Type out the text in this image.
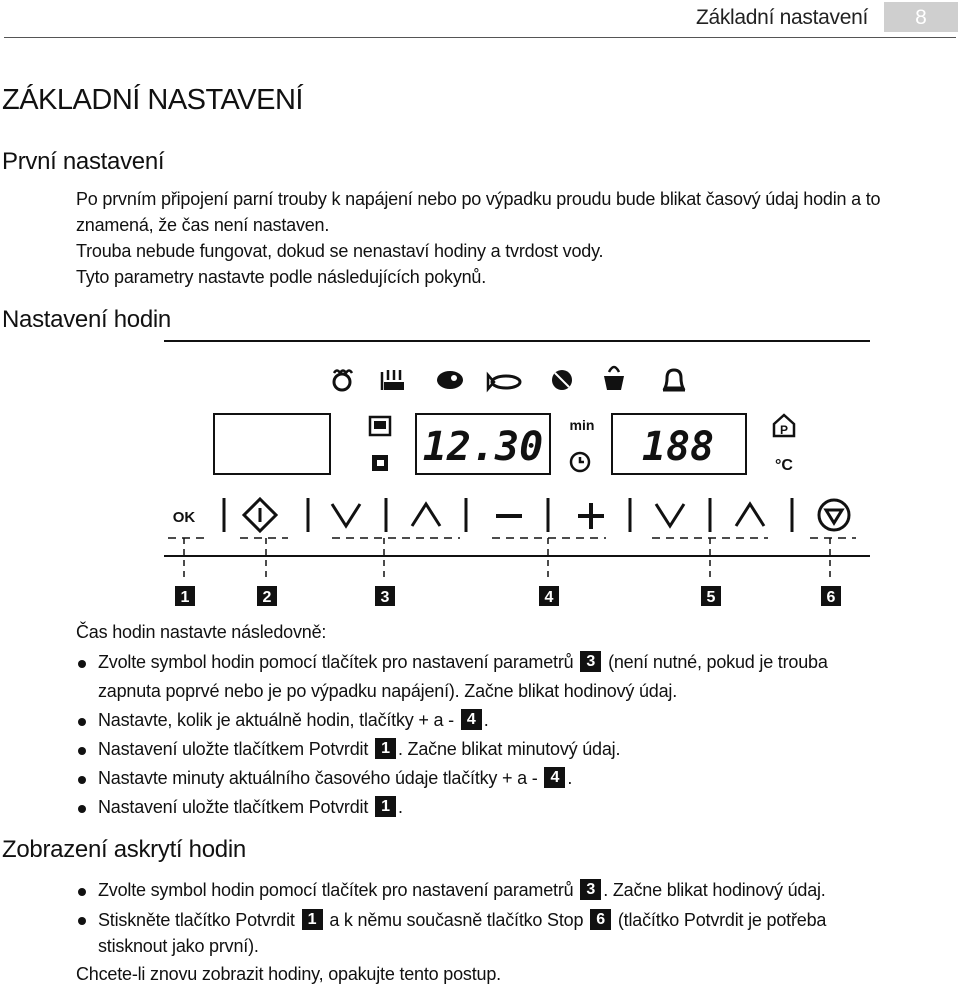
Základní nastavení	8
ZÁKLADNÍ NASTAVENÍ
První nastavení

Po prvním připojení parní trouby k napájení nebo po výpadku proudu bude blikat časový údaj hodin a to

znamená, že čas není nastaven.

Trouba nebude fungovat, dokud se nenastaví hodiny a tvrdost vody.

Tyto parametry nastavte podle následujících pokynů.

Nastavení hodin
12.30 min 188	P
°C
OK
1	2	3	4	5	6
Čas hodin nastavte následovně:
Zvolte symbol hodin pomocí tlačítek pro nastavení parametrů 3 (není nutné, pokud je trouba
zapnuta poprvé nebo je po výpadku napájení). Začne blikat hodinový údaj.
Nastavte, kolik je aktuálně hodin, tlačítky + a - 4 .
Nastavení uložte tlačítkem Potvrdit 1 . Začne blikat minutový údaj.
Nastavte minuty aktuálního časového údaje tlačítky + a - 4 .
Nastavení uložte tlačítkem Potvrdit 1 .
Zobrazení askrytí hodin
Zvolte symbol hodin pomocí tlačítek pro nastavení parametrů 3 . Začne blikat hodinový údaj.
Stiskněte tlačítko Potvrdit 1 a k němu současně tlačítko Stop 6 (tlačítko Potvrdit je potřeba
stisknout jako první).
Chcete-li znovu zobrazit hodiny, opakujte tento postup.
